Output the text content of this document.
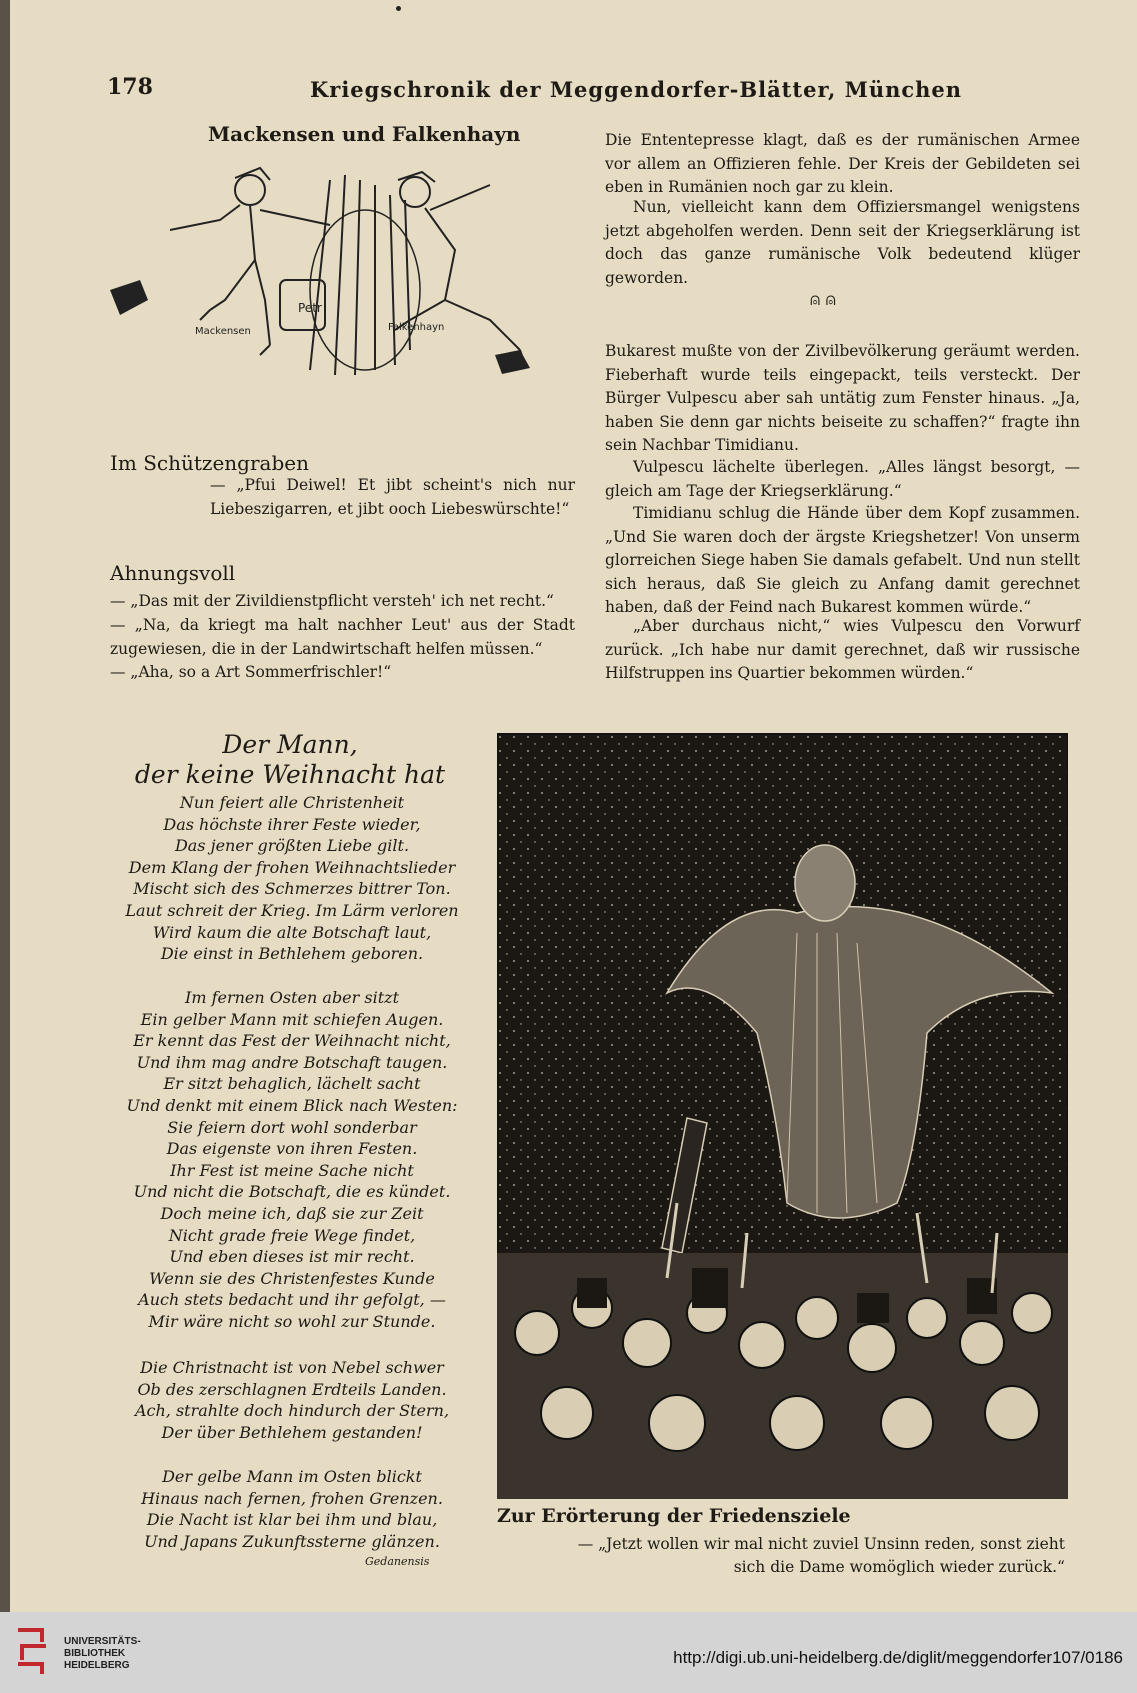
178	Kriegschronik der Meggendorfer-Blätter, München
Mackensen und Falkenhayn
Petr
Mackensen	Falkenhayn
Im Schützengraben

— „Pfui Deiwel! Et jibt scheint's nich nur Liebeszigarren, et jibt ooch Liebeswürschte!“

Ahnungsvoll

— „Das mit der Zivildienstpflicht versteh' ich net recht.“

— „Na, da kriegt ma halt nachher Leut' aus der Stadt zugewiesen, die in der Landwirtschaft helfen müssen.“

— „Aha, so a Art Sommerfrischler!“

Die Ententepresse klagt, daß es der rumänischen Armee vor allem an Offizieren fehle. Der Kreis der Gebildeten sei eben in Rumänien noch gar zu klein.

Nun, vielleicht kann dem Offiziersmangel wenigstens jetzt abgeholfen werden. Denn seit der Kriegserklärung ist doch das ganze rumänische Volk bedeutend klüger geworden.

⍝ ⍝

Bukarest mußte von der Zivilbevölkerung geräumt werden. Fieberhaft wurde teils eingepackt, teils versteckt. Der Bürger Vulpescu aber sah untätig zum Fenster hinaus. „Ja, haben Sie denn gar nichts beiseite zu schaffen?“ fragte ihn sein Nachbar Timidianu.

Vulpescu lächelte überlegen. „Alles längst besorgt, — gleich am Tage der Kriegserklärung.“

Timidianu schlug die Hände über dem Kopf zusammen. „Und Sie waren doch der ärgste Kriegshetzer! Von unserm glorreichen Siege haben Sie damals gefabelt. Und nun stellt sich heraus, daß Sie gleich zu Anfang damit gerechnet haben, daß der Feind nach Bukarest kommen würde.“

„Aber durchaus nicht,“ wies Vulpescu den Vorwurf zurück. „Ich habe nur damit gerechnet, daß wir russische Hilfstruppen ins Quartier bekommen würden.“

Der Mann,
der keine Weihnacht hat
Nun feiert alle Christenheit
Das höchste ihrer Feste wieder,
Das jener größten Liebe gilt.
Dem Klang der frohen Weihnachtslieder
Mischt sich des Schmerzes bittrer Ton.
Laut schreit der Krieg. Im Lärm verloren
Wird kaum die alte Botschaft laut,
Die einst in Bethlehem geboren.
Im fernen Osten aber sitzt
Ein gelber Mann mit schiefen Augen.
Er kennt das Fest der Weihnacht nicht,
Und ihm mag andre Botschaft taugen.
Er sitzt behaglich, lächelt sacht
Und denkt mit einem Blick nach Westen:
Sie feiern dort wohl sonderbar
Das eigenste von ihren Festen.
Ihr Fest ist meine Sache nicht
Und nicht die Botschaft, die es kündet.
Doch meine ich, daß sie zur Zeit
Nicht grade freie Wege findet,
Und eben dieses ist mir recht.
Wenn sie des Christenfestes Kunde
Auch stets bedacht und ihr gefolgt, —
Mir wäre nicht so wohl zur Stunde.
Die Christnacht ist von Nebel schwer
Ob des zerschlagnen Erdteils Landen.
Ach, strahlte doch hindurch der Stern,
Der über Bethlehem gestanden!
Der gelbe Mann im Osten blickt
Hinaus nach fernen, frohen Grenzen.
Die Nacht ist klar bei ihm und blau,
Und Japans Zukunftssterne glänzen.
Gedanensis
Zur Erörterung der Friedensziele

— „Jetzt wollen wir mal nicht zuviel Unsinn reden, sonst zieht sich die Dame womöglich wieder zurück.“

UNIVERSITÄTS-
BIBLIOTHEK
HEIDELBERG	http://digi.ub.uni-heidelberg.de/diglit/meggendorfer107/0186
